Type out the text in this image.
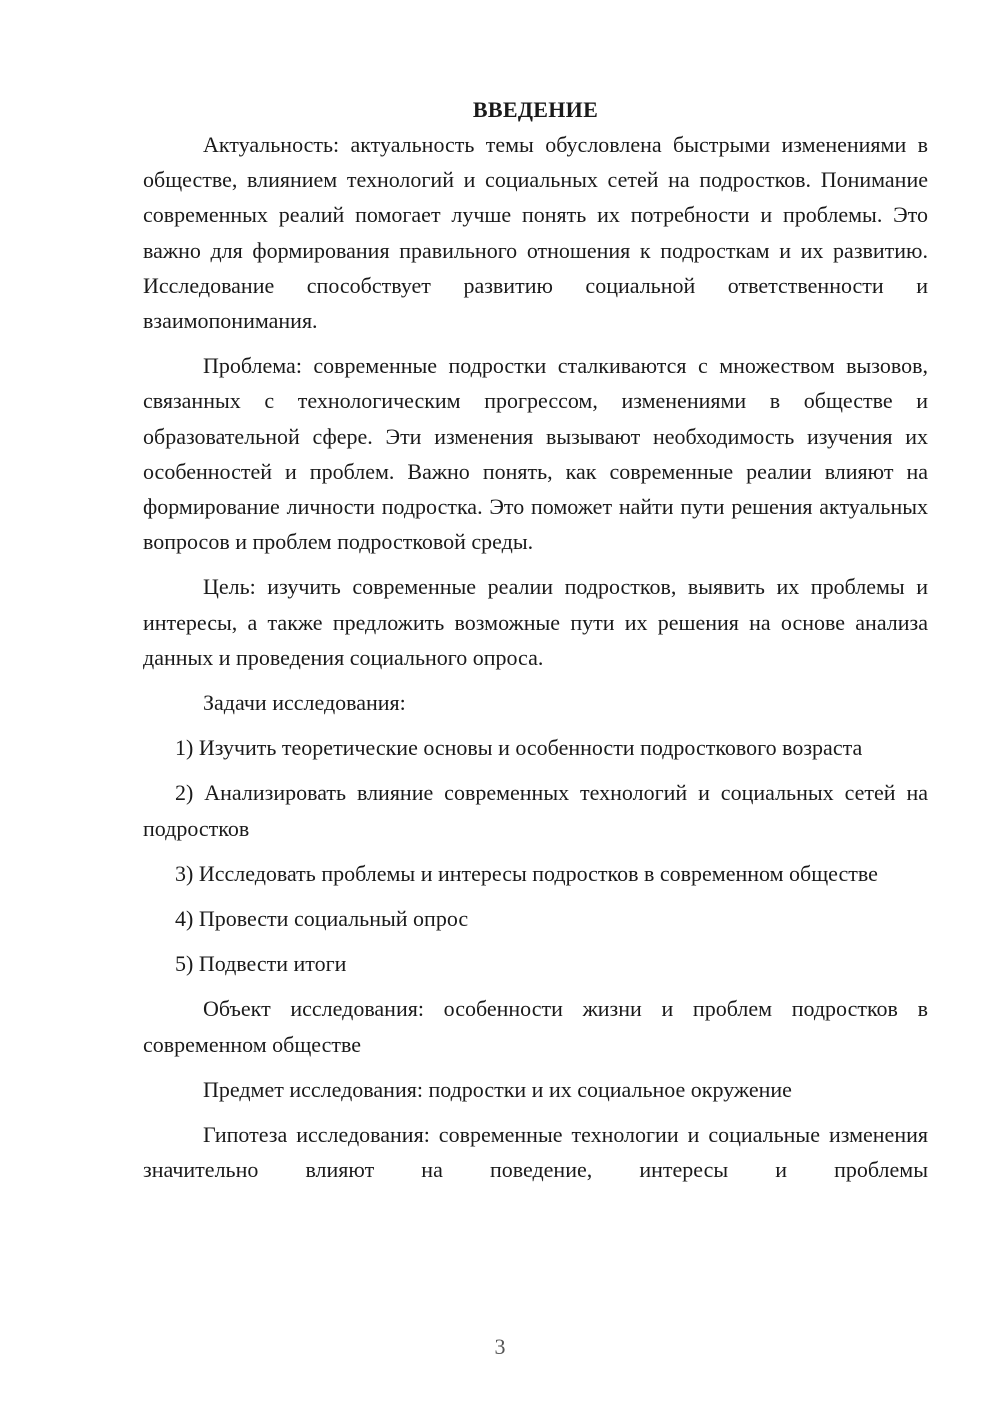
ВВЕДЕНИЕ

Актуальность: актуальность темы обусловлена быстрыми изменениями в обществе, влиянием технологий и социальных сетей на подростков. Понимание современных реалий помогает лучше понять их потребности и проблемы. Это важно для формирования правильного отношения к подросткам и их развитию. Исследование способствует развитию социальной ответственности и взаимопонимания.

Проблема: современные подростки сталкиваются с множеством вызовов, связанных с технологическим прогрессом, изменениями в обществе и образовательной сфере. Эти изменения вызывают необходимость изучения их особенностей и проблем. Важно понять, как современные реалии влияют на формирование личности подростка. Это поможет найти пути решения актуальных вопросов и проблем подростковой среды.

Цель: изучить современные реалии подростков, выявить их проблемы и интересы, а также предложить возможные пути их решения на основе анализа данных и проведения социального опроса.

Задачи исследования:

1) Изучить теоретические основы и особенности подросткового возраста

2) Анализировать влияние современных технологий и социальных сетей на подростков

3) Исследовать проблемы и интересы подростков в современном обществе

4) Провести социальный опрос

5) Подвести итоги

Объект исследования: особенности жизни и проблем подростков в современном обществе

Предмет исследования: подростки и их социальное окружение

Гипотеза исследования: современные технологии и социальные изменения значительно влияют на поведение, интересы и проблемы

3
